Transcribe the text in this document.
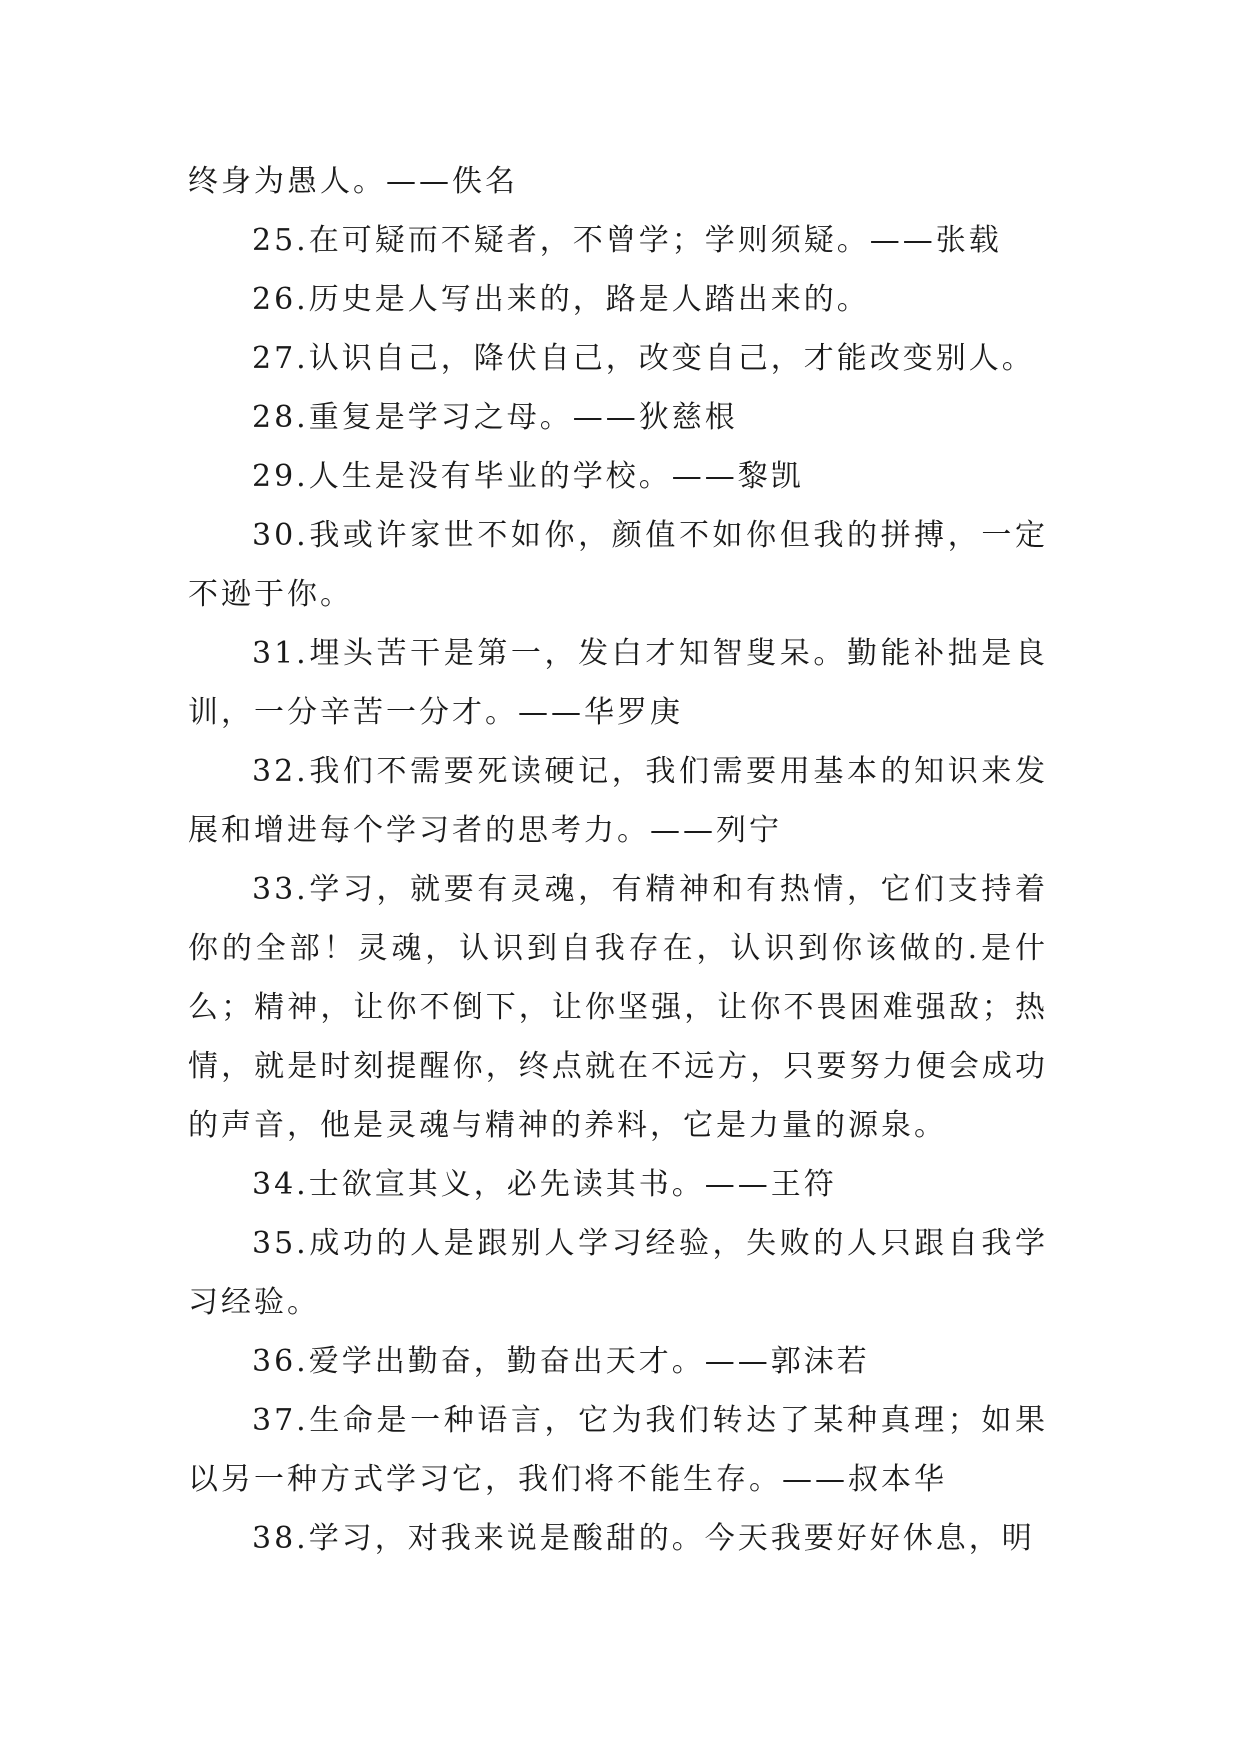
终身为愚人。——佚名

25.在可疑而不疑者，不曾学；学则须疑。——张载

26.历史是人写出来的，路是人踏出来的。

27.认识自己，降伏自己，改变自己，才能改变别人。

28.重复是学习之母。——狄慈根

29.人生是没有毕业的学校。——黎凯

30.我或许家世不如你，颜值不如你但我的拼搏，一定不逊于你。

31.埋头苦干是第一，发白才知智叟呆。勤能补拙是良训，一分辛苦一分才。——华罗庚

32.我们不需要死读硬记，我们需要用基本的知识来发展和增进每个学习者的思考力。——列宁

33.学习，就要有灵魂，有精神和有热情，它们支持着你的全部！灵魂，认识到自我存在，认识到你该做的.是什么；精神，让你不倒下，让你坚强，让你不畏困难强敌；热情，就是时刻提醒你，终点就在不远方，只要努力便会成功的声音，他是灵魂与精神的养料，它是力量的源泉。

34.士欲宣其义，必先读其书。——王符

35.成功的人是跟别人学习经验，失败的人只跟自我学习经验。

36.爱学出勤奋，勤奋出天才。——郭沫若

37.生命是一种语言，它为我们转达了某种真理；如果以另一种方式学习它，我们将不能生存。——叔本华

38.学习，对我来说是酸甜的。今天我要好好休息，明
